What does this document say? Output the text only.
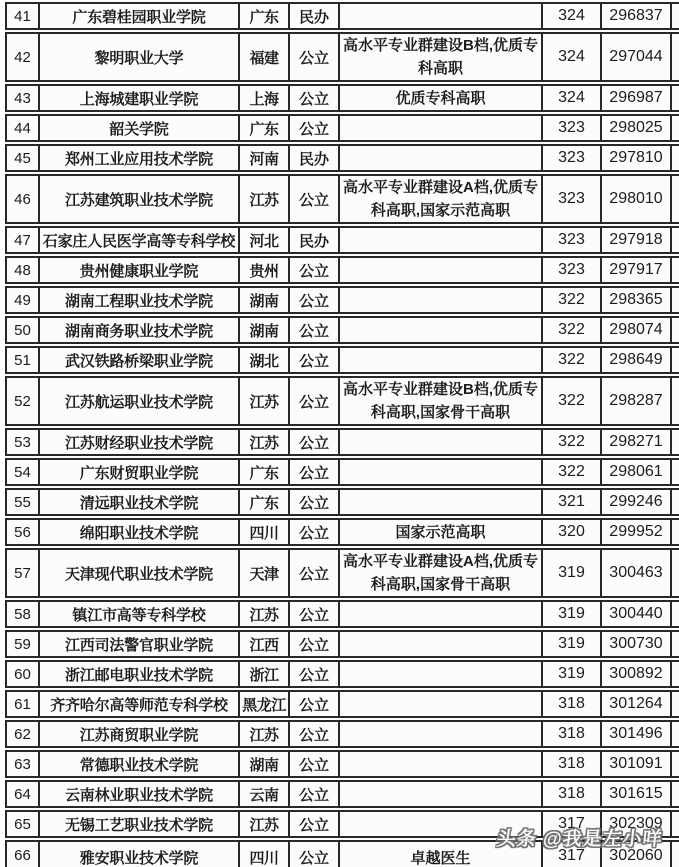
41	广东碧桂园职业学院	广东	民办		324	296837	
42	黎明职业大学	福建	公立	高水平专业群建设B档,优质专科高职	324	297044	
43	上海城建职业学院	上海	公立	优质专科高职	324	296987	
44	韶关学院	广东	公立		323	298025	
45	郑州工业应用技术学院	河南	民办		323	297810	
46	江苏建筑职业技术学院	江苏	公立	高水平专业群建设A档,优质专科高职,国家示范高职	323	298010	
47	石家庄人民医学高等专科学校	河北	民办		323	297918	
48	贵州健康职业学院	贵州	公立		323	297917	
49	湖南工程职业技术学院	湖南	公立		322	298365	
50	湖南商务职业技术学院	湖南	公立		322	298074	
51	武汉铁路桥梁职业学院	湖北	公立		322	298649	
52	江苏航运职业技术学院	江苏	公立	高水平专业群建设B档,优质专科高职,国家骨干高职	322	298287	
53	江苏财经职业技术学院	江苏	公立		322	298271	
54	广东财贸职业学院	广东	公立		322	298061	
55	清远职业技术学院	广东	公立		321	299246	
56	绵阳职业技术学院	四川	公立	国家示范高职	320	299952	
57	天津现代职业技术学院	天津	公立	高水平专业群建设A档,优质专科高职,国家骨干高职	319	300463	
58	镇江市高等专科学校	江苏	公立		319	300440	
59	江西司法警官职业学院	江西	公立		319	300730	
60	浙江邮电职业技术学院	浙江	公立		319	300892	
61	齐齐哈尔高等师范专科学校	黑龙江	公立		318	301264	
62	江苏商贸职业学院	江苏	公立		318	301496	
63	常德职业技术学院	湖南	公立		318	301091	
64	云南林业职业技术学院	云南	公立		318	301615	
65	无锡工艺职业技术学院	江苏	公立		317	302309	
66	雅安职业技术学院	四川	公立	卓越医生	317	302060	
头条 @我是左小咩
